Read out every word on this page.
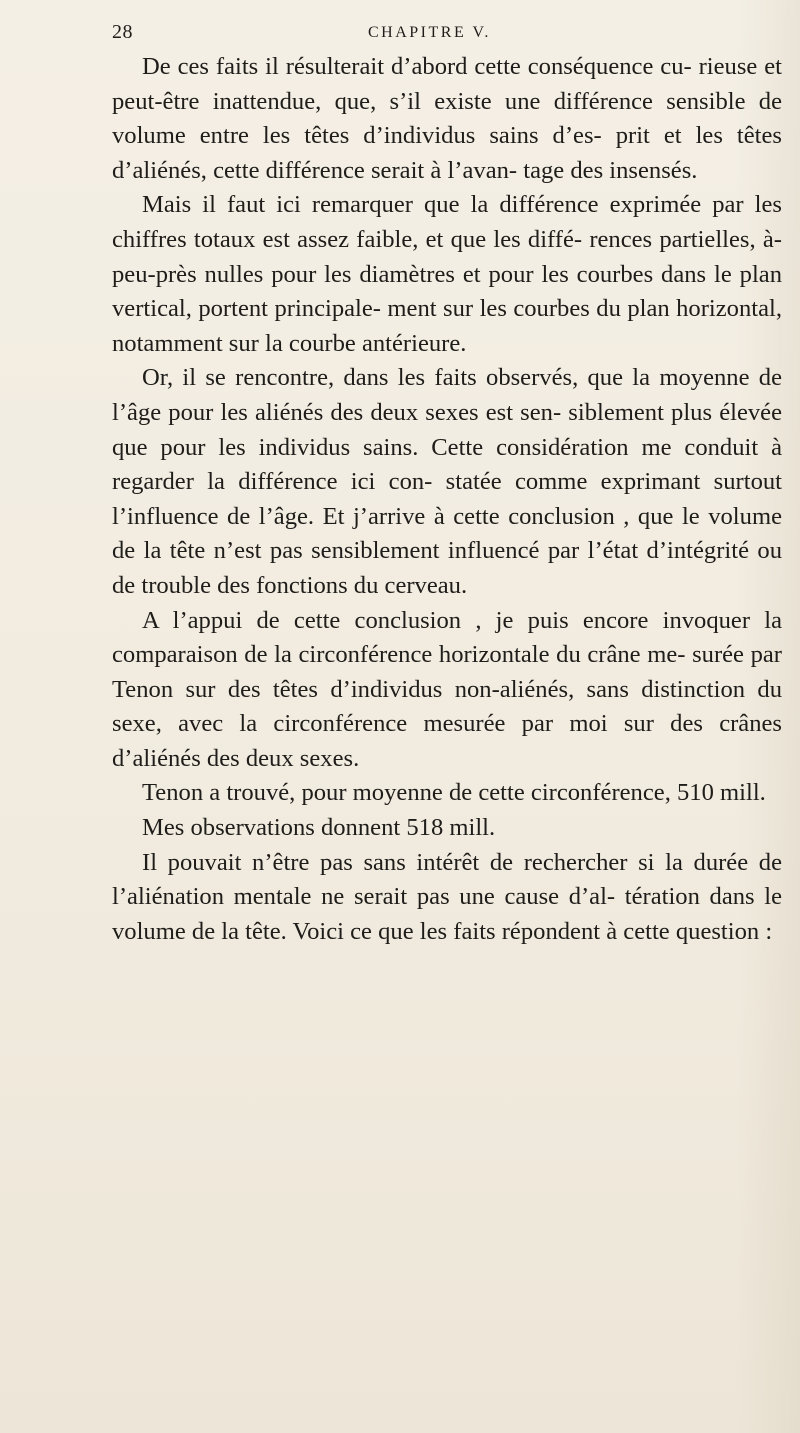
28	CHAPITRE V.

De ces faits il résulterait d’abord cette conséquence cu- rieuse et peut-être inattendue, que, s’il existe une différence sensible de volume entre les têtes d’individus sains d’es- prit et les têtes d’aliénés, cette différence serait à l’avan- tage des insensés.

Mais il faut ici remarquer que la différence exprimée par les chiffres totaux est assez faible, et que les diffé- rences partielles, à-peu-près nulles pour les diamètres et pour les courbes dans le plan vertical, portent principale- ment sur les courbes du plan horizontal, notamment sur la courbe antérieure.

Or, il se rencontre, dans les faits observés, que la moyenne de l’âge pour les aliénés des deux sexes est sen- siblement plus élevée que pour les individus sains. Cette considération me conduit à regarder la différence ici con- statée comme exprimant surtout l’influence de l’âge. Et j’arrive à cette conclusion , que le volume de la tête n’est pas sensiblement influencé par l’état d’intégrité ou de trouble des fonctions du cerveau.

A l’appui de cette conclusion , je puis encore invoquer la comparaison de la circonférence horizontale du crâne me- surée par Tenon sur des têtes d’individus non-aliénés, sans distinction du sexe, avec la circonférence mesurée par moi sur des crânes d’aliénés des deux sexes.

Tenon a trouvé, pour moyenne de cette circonférence, 510 mill.

Mes observations donnent 518 mill.

Il pouvait n’être pas sans intérêt de rechercher si la durée de l’aliénation mentale ne serait pas une cause d’al- tération dans le volume de la tête. Voici ce que les faits répondent à cette question :
